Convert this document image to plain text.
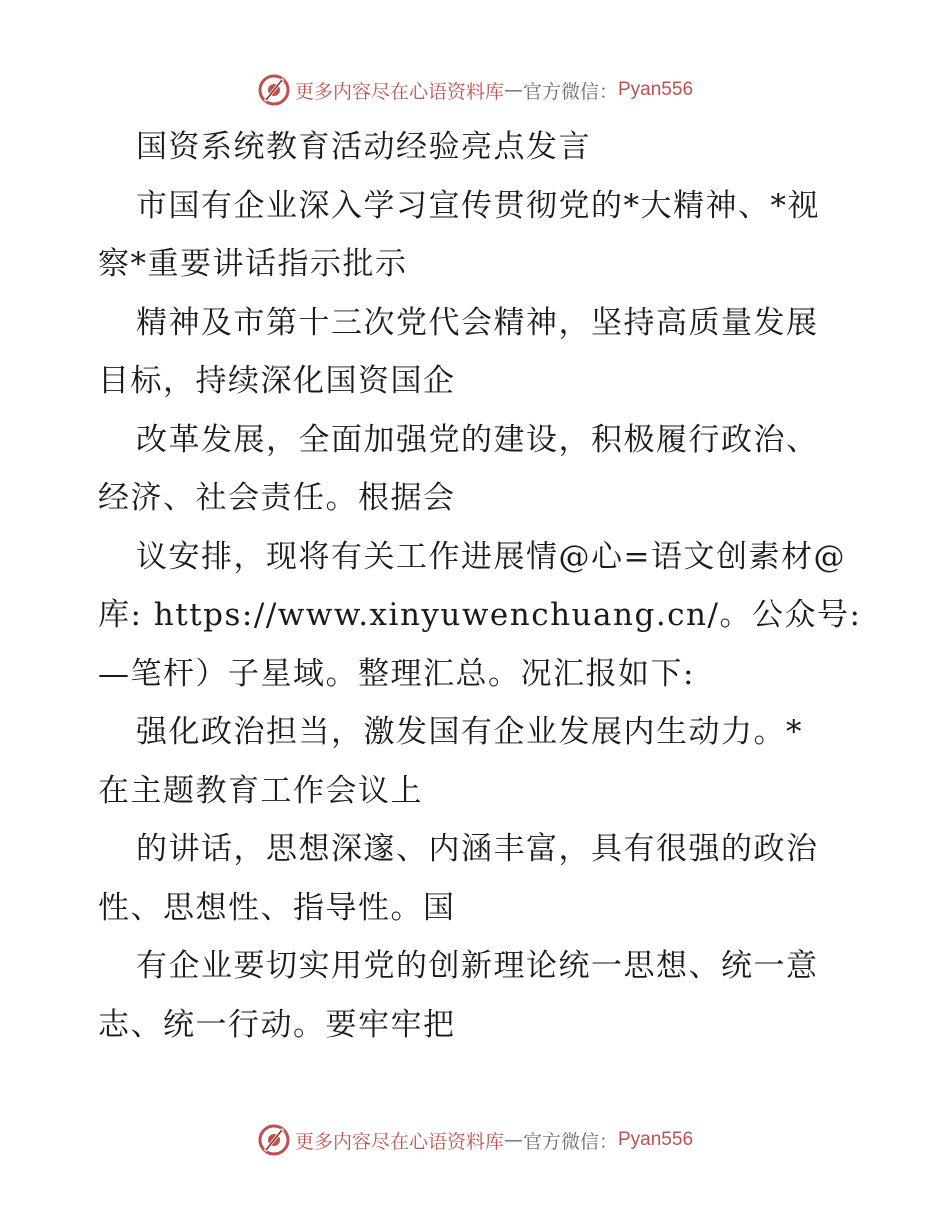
更多内容尽在心语资料库 — 官方微信： Pyan556
国资系统教育活动经验亮点发言
市国有企业深入学习宣传贯彻党的*大精神、*视
察*重要讲话指示批示
精神及市第十三次党代会精神，坚持高质量发展
目标，持续深化国资国企
改革发展，全面加强党的建设，积极履行政治、
经济、社会责任。根据会
议安排，现将有关工作进展情@心=语文创素材@
库: https://www.xinyuwenchuang.cn/。公众号:
—笔杆）子星域。整理汇总。况汇报如下:
强化政治担当，激发国有企业发展内生动力。*
在主题教育工作会议上
的讲话，思想深邃、内涵丰富，具有很强的政治
性、思想性、指导性。国
有企业要切实用党的创新理论统一思想、统一意
志、统一行动。要牢牢把
更多内容尽在心语资料库 — 官方微信： Pyan556
